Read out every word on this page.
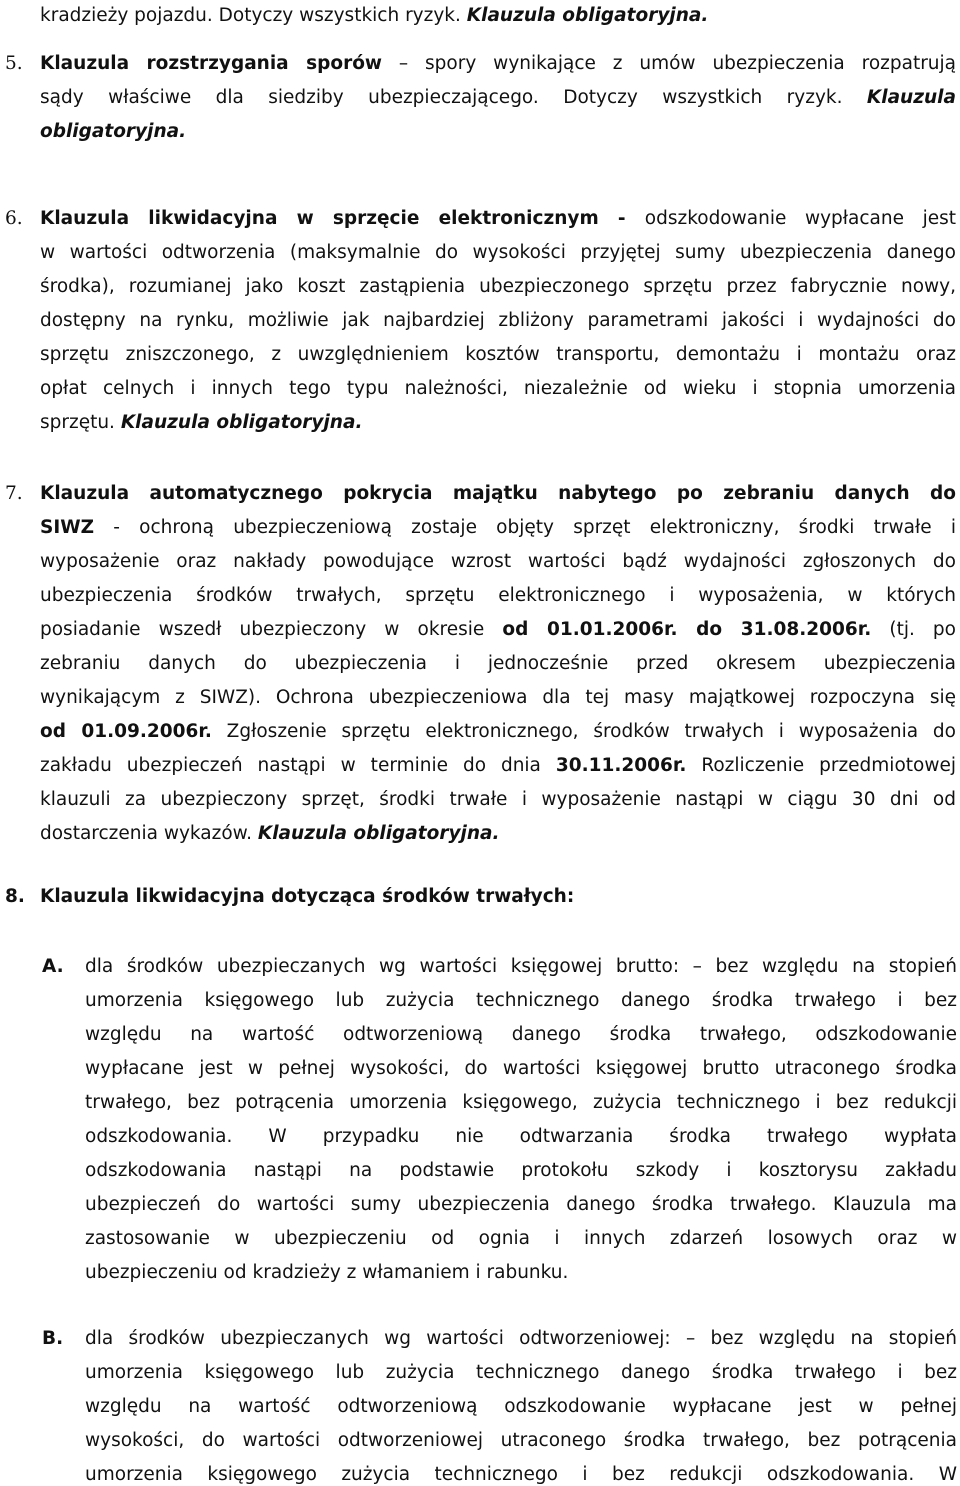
kradzieży pojazdu. Dotyczy wszystkich ryzyk. Klauzula obligatoryjna.
5. Klauzula rozstrzygania sporów – spory wynikające z umów ubezpieczenia rozpatrują
sądy właściwe dla siedziby ubezpieczającego. Dotyczy wszystkich ryzyk. Klauzula
obligatoryjna.
6. Klauzula likwidacyjna w sprzęcie elektronicznym - odszkodowanie wypłacane jest
w wartości odtworzenia (maksymalnie do wysokości przyjętej sumy ubezpieczenia danego
środka), rozumianej jako koszt zastąpienia ubezpieczonego sprzętu przez fabrycznie nowy,
dostępny na rynku, możliwie jak najbardziej zbliżony parametrami jakości i wydajności do
sprzętu zniszczonego, z uwzględnieniem kosztów transportu, demontażu i montażu oraz
opłat celnych i innych tego typu należności, niezależnie od wieku i stopnia umorzenia
sprzętu. Klauzula obligatoryjna.
7. Klauzula automatycznego pokrycia majątku nabytego po zebraniu danych do
SIWZ - ochroną ubezpieczeniową zostaje objęty sprzęt elektroniczny, środki trwałe i
wyposażenie oraz nakłady powodujące wzrost wartości bądź wydajności zgłoszonych do
ubezpieczenia środków trwałych, sprzętu elektronicznego i wyposażenia, w których
posiadanie wszedł ubezpieczony w okresie od 01.01.2006r. do 31.08.2006r. (tj. po
zebraniu danych do ubezpieczenia i jednocześnie przed okresem ubezpieczenia
wynikającym z SIWZ). Ochrona ubezpieczeniowa dla tej masy majątkowej rozpoczyna się
od 01.09.2006r. Zgłoszenie sprzętu elektronicznego, środków trwałych i wyposażenia do
zakładu ubezpieczeń nastąpi w terminie do dnia 30.11.2006r. Rozliczenie przedmiotowej
klauzuli za ubezpieczony sprzęt, środki trwałe i wyposażenie nastąpi w ciągu 30 dni od
dostarczenia wykazów. Klauzula obligatoryjna.
8. Klauzula likwidacyjna dotycząca środków trwałych:
A.	dla środków ubezpieczanych wg wartości księgowej brutto: – bez względu na stopień
umorzenia księgowego lub zużycia technicznego danego środka trwałego i bez
względu na wartość odtworzeniową danego środka trwałego, odszkodowanie
wypłacane jest w pełnej wysokości, do wartości księgowej brutto utraconego środka
trwałego, bez potrącenia umorzenia księgowego, zużycia technicznego i bez redukcji
odszkodowania. W przypadku nie odtwarzania środka trwałego wypłata
odszkodowania nastąpi na podstawie protokołu szkody i kosztorysu zakładu
ubezpieczeń do wartości sumy ubezpieczenia danego środka trwałego. Klauzula ma
zastosowanie w ubezpieczeniu od ognia i innych zdarzeń losowych oraz w
ubezpieczeniu od kradzieży z włamaniem i rabunku.
B.	dla środków ubezpieczanych wg wartości odtworzeniowej: – bez względu na stopień
umorzenia księgowego lub zużycia technicznego danego środka trwałego i bez
względu na wartość odtworzeniową odszkodowanie wypłacane jest w pełnej
wysokości, do wartości odtworzeniowej utraconego środka trwałego, bez potrącenia
umorzenia księgowego zużycia technicznego i bez redukcji odszkodowania. W
